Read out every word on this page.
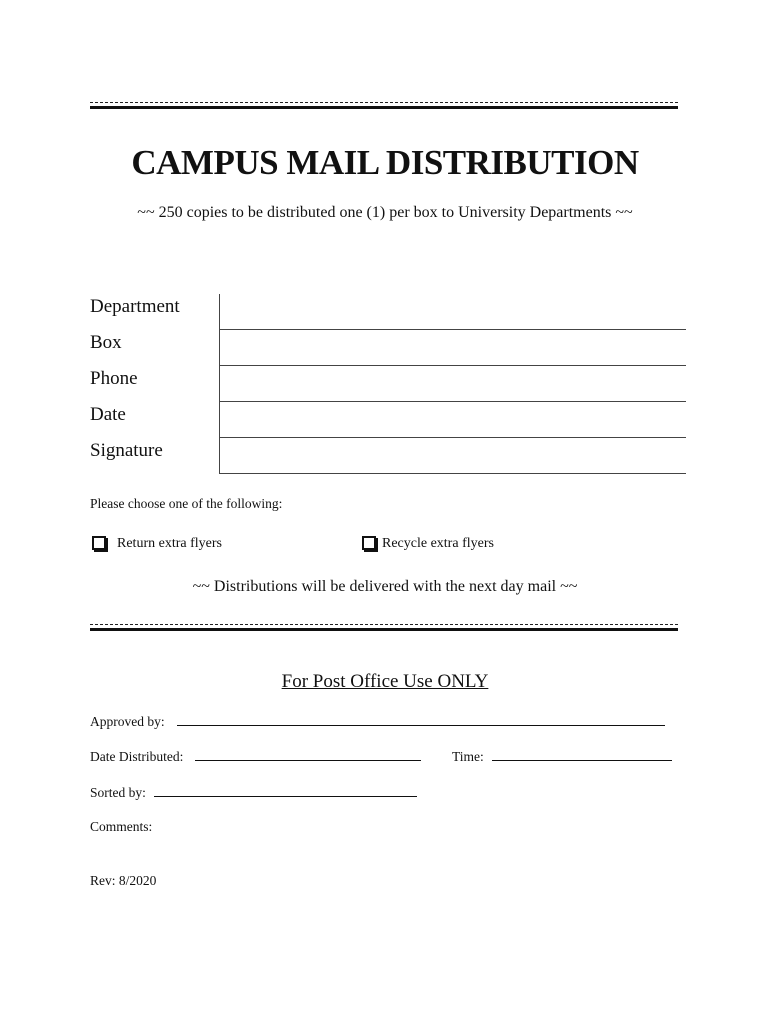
CAMPUS MAIL DISTRIBUTION
~~ 250 copies to be distributed one (1) per box to University Departments ~~
Department
Box
Phone
Date
Signature
Please choose one of the following:
Return extra flyers	Recycle extra flyers
~~ Distributions will be delivered with the next day mail ~~
For Post Office Use ONLY
Approved by:
Date Distributed:	Time:
Sorted by:
Comments:
Rev: 8/2020
